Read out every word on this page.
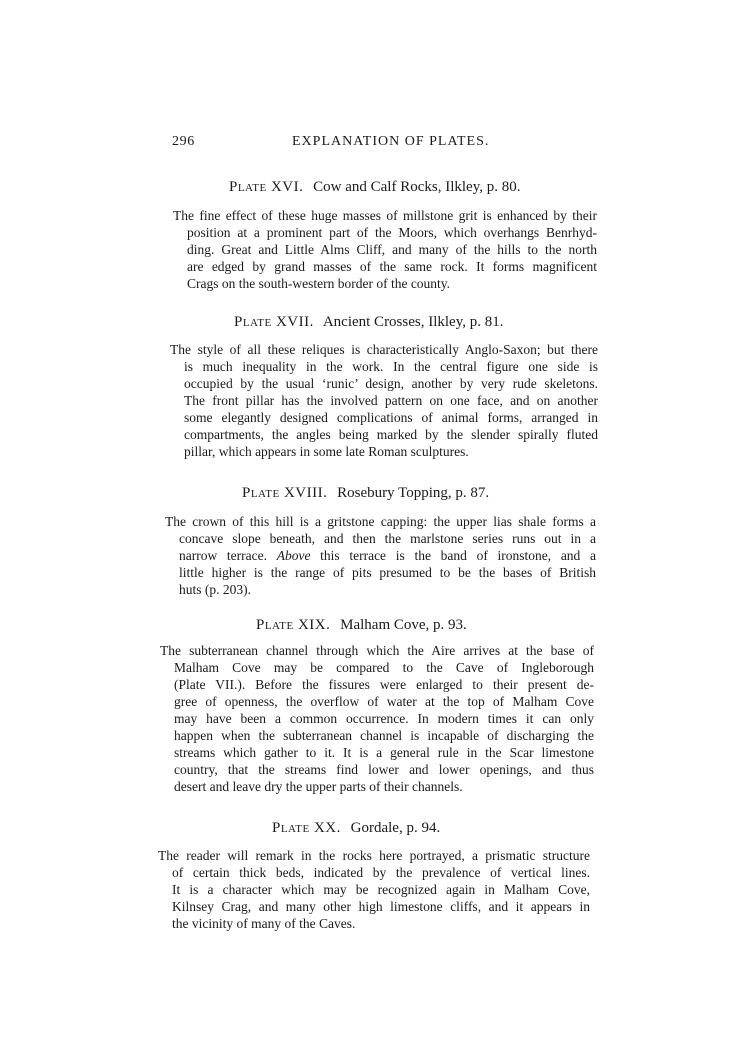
296	EXPLANATION OF PLATES.
Plate XVI. Cow and Calf Rocks, Ilkley, p. 80.
The fine effect of these huge masses of millstone grit is enhanced by their
position at a prominent part of the Moors, which overhangs Benrhyd-
ding. Great and Little Alms Cliff, and many of the hills to the north
are edged by grand masses of the same rock. It forms magnificent
Crags on the south-western border of the county.
Plate XVII. Ancient Crosses, Ilkley, p. 81.
The style of all these reliques is characteristically Anglo-Saxon; but there
is much inequality in the work. In the central figure one side is
occupied by the usual ‘runic’ design, another by very rude skeletons.
The front pillar has the involved pattern on one face, and on another
some elegantly designed complications of animal forms, arranged in
compartments, the angles being marked by the slender spirally fluted
pillar, which appears in some late Roman sculptures.
Plate XVIII. Rosebury Topping, p. 87.
The crown of this hill is a gritstone capping: the upper lias shale forms a
concave slope beneath, and then the marlstone series runs out in a
narrow terrace. Above this terrace is the band of ironstone, and a
little higher is the range of pits presumed to be the bases of British
huts (p. 203).
Plate XIX. Malham Cove, p. 93.
The subterranean channel through which the Aire arrives at the base of
Malham Cove may be compared to the Cave of Ingleborough
(Plate VII.). Before the fissures were enlarged to their present de-
gree of openness, the overflow of water at the top of Malham Cove
may have been a common occurrence. In modern times it can only
happen when the subterranean channel is incapable of discharging the
streams which gather to it. It is a general rule in the Scar limestone
country, that the streams find lower and lower openings, and thus
desert and leave dry the upper parts of their channels.
Plate XX. Gordale, p. 94.
The reader will remark in the rocks here portrayed, a prismatic structure
of certain thick beds, indicated by the prevalence of vertical lines.
It is a character which may be recognized again in Malham Cove,
Kilnsey Crag, and many other high limestone cliffs, and it appears in
the vicinity of many of the Caves.
